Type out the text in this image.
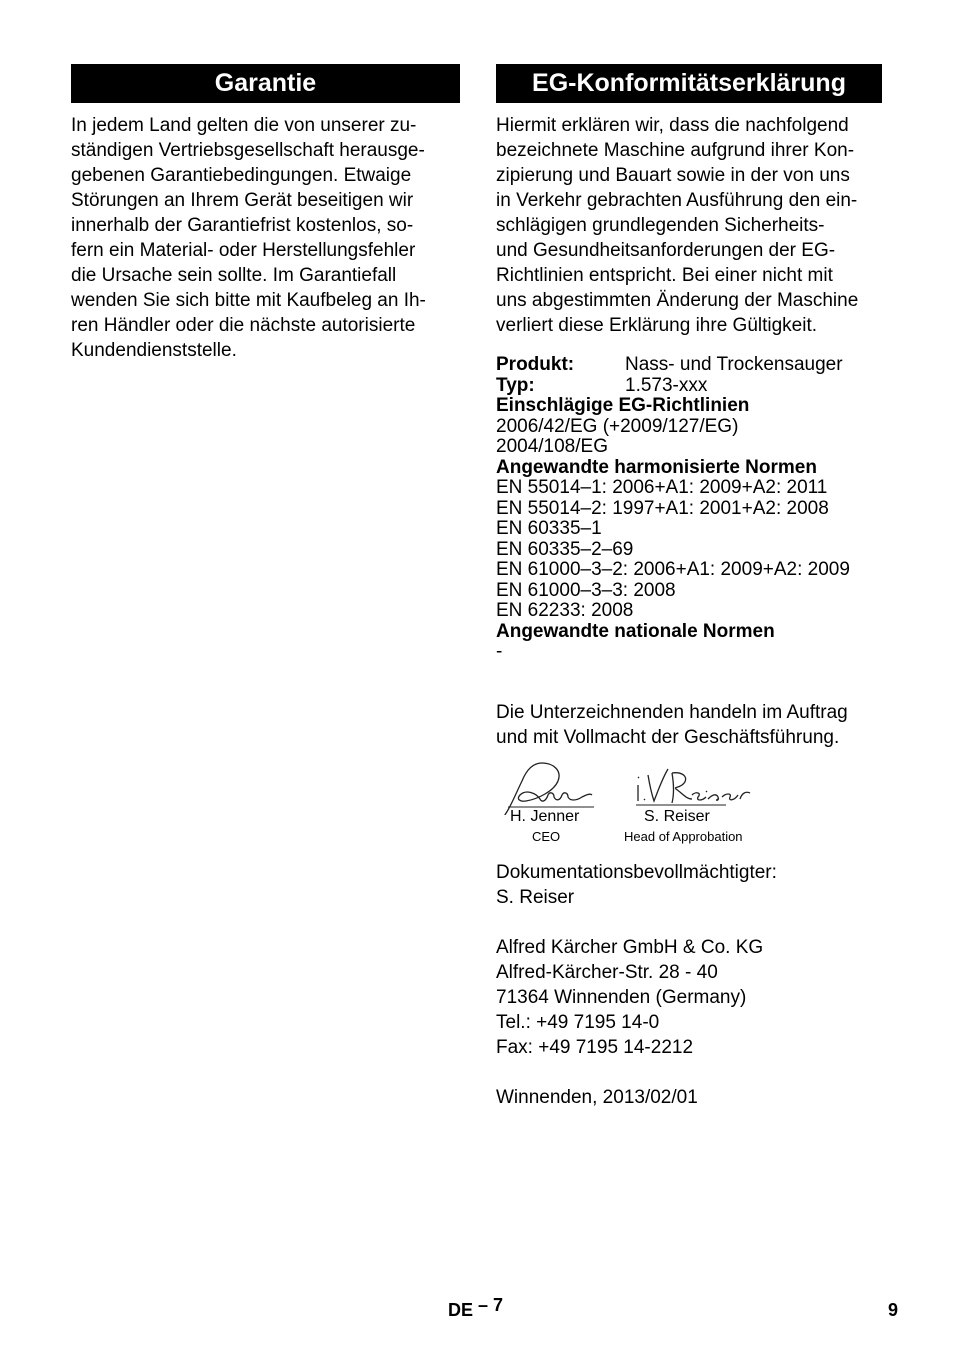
Garantie

In jedem Land gelten die von unserer zu-
ständigen Vertriebsgesellschaft herausge-
gebenen Garantiebedingungen. Etwaige
Störungen an Ihrem Gerät beseitigen wir
innerhalb der Garantiefrist kostenlos, so-
fern ein Material- oder Herstellungsfehler
die Ursache sein sollte. Im Garantiefall
wenden Sie sich bitte mit Kaufbeleg an Ih-
ren Händler oder die nächste autorisierte
Kundendienststelle.

EG-Konformitätserklärung

Hiermit erklären wir, dass die nachfolgend
bezeichnete Maschine aufgrund ihrer Kon-
zipierung und Bauart sowie in der von uns
in Verkehr gebrachten Ausführung den ein-
schlägigen grundlegenden Sicherheits-
und Gesundheitsanforderungen der EG-
Richtlinien entspricht. Bei einer nicht mit
uns abgestimmten Änderung der Maschine
verliert diese Erklärung ihre Gültigkeit.

Produkt:	Nass- und Trockensauger
Typ:	1.573-xxx
Einschlägige EG-Richtlinien
2006/42/EG (+2009/127/EG)
2004/108/EG
Angewandte harmonisierte Normen
EN 55014–1: 2006+A1: 2009+A2: 2011
EN 55014–2: 1997+A1: 2001+A2: 2008
EN 60335–1
EN 60335–2–69
EN 61000–3–2: 2006+A1: 2009+A2: 2009
EN 61000–3–3: 2008
EN 62233: 2008
Angewandte nationale Normen
-
Die Unterzeichnenden handeln im Auftrag
und mit Vollmacht der Geschäftsführung.
H. Jenner
CEO
S. Reiser
Head of Approbation
Dokumentationsbevollmächtigter:
S. Reiser
Alfred Kärcher GmbH & Co. KG
Alfred-Kärcher-Str. 28 - 40
71364 Winnenden (Germany)
Tel.: +49 7195 14-0
Fax: +49 7195 14-2212
Winnenden, 2013/02/01
DE – 7	9
